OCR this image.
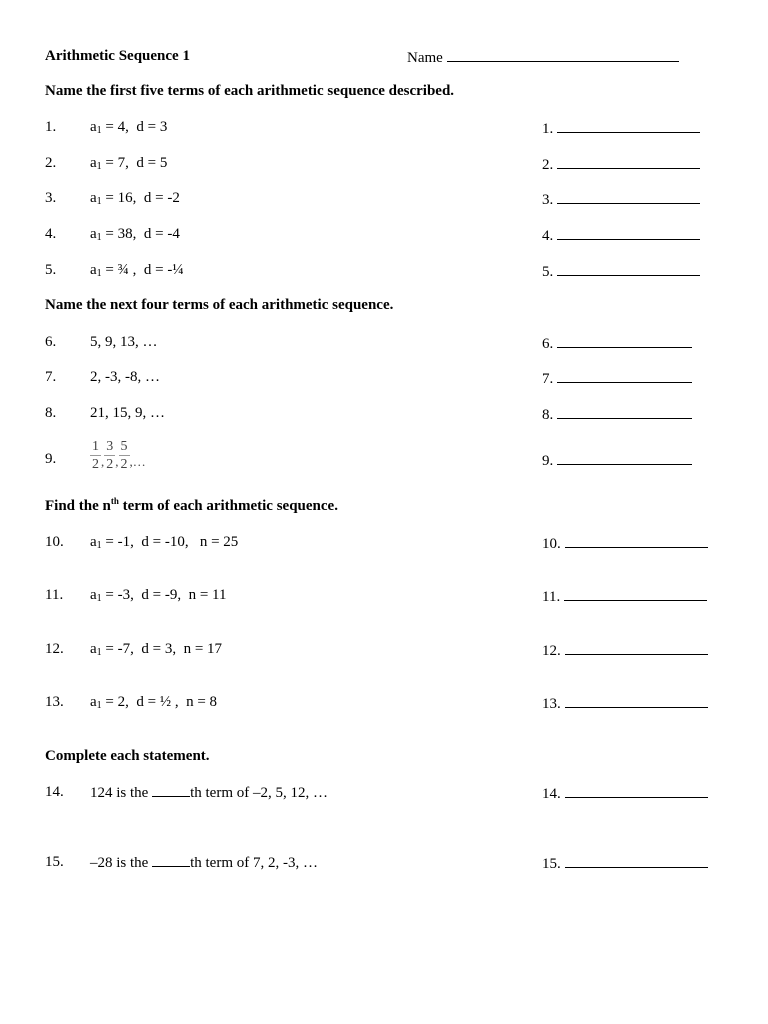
Arithmetic Sequence 1	Name
Name the first five terms of each arithmetic sequence described.
1. $a_1 = 4$,  d = 3	1.
2. $a_1 = 7$,  d = 5	2.
3. $a_1 = 16$,  d = -2	3.
4. $a_1 = 38$,  d = -4	4.
5. $a_1$ = ¾ ,  d = -¼	5.
6. 5, 9, 13, …	6.
7. 2, -3, -8, …	7.
8. 21, 15, 9, …	8.
9. $\frac{1}{2}$ , $\frac{3}{2}$ , $\frac{5}{2}$ ,…	9.
10. $a_1 = -1$,  d = -10,   n = 25	10.
11. $a_1 = -3$,  d = -9,  n = 11	11.
12. $a_1 = -7$,  d = 3,  n = 17	12.
13. $a_1 = 2$,  d = ½ ,  n = 8	13.
14. 124 is the	th term of –2, 5, 12, …	14.
15. –28 is the	th term of 7, 2, -3, …	15.
Name the next four terms of each arithmetic sequence.
Find the $n^{th}$ term of each arithmetic sequence.
Complete each statement.
